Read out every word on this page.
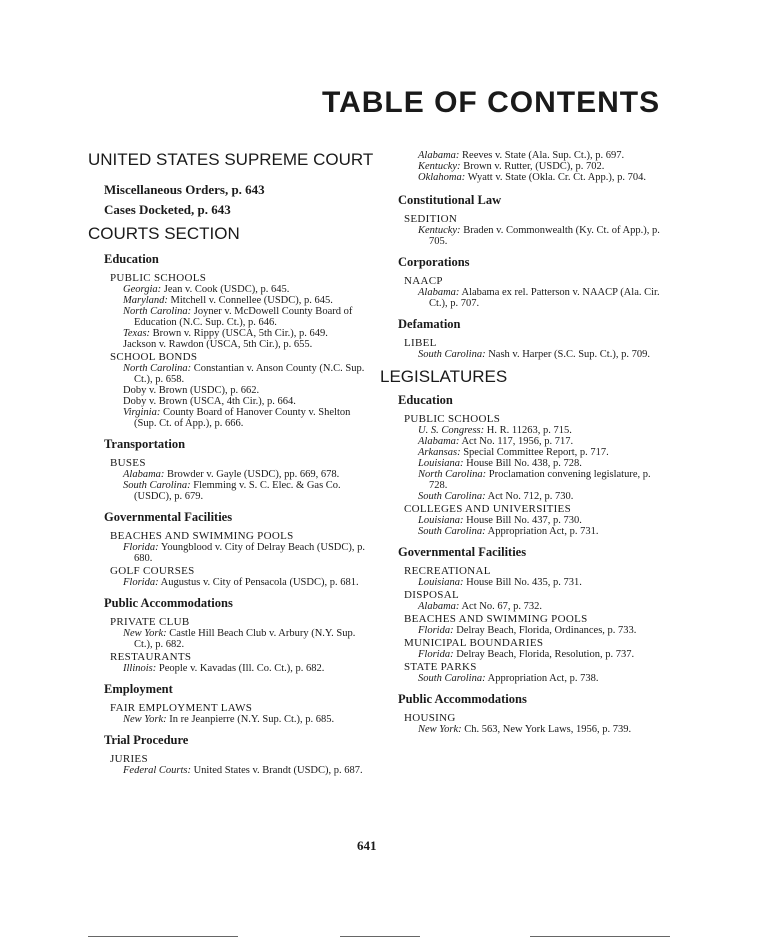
TABLE OF CONTENTS
UNITED STATES SUPREME COURT
Miscellaneous Orders, p. 643
Cases Docketed, p. 643
COURTS SECTION
Education
PUBLIC SCHOOLS
Georgia: Jean v. Cook (USDC), p. 645.
Maryland: Mitchell v. Connellee (USDC), p. 645.
North Carolina: Joyner v. McDowell County Board of Education (N.C. Sup. Ct.), p. 646.
Texas: Brown v. Rippy (USCA, 5th Cir.), p. 649.
Jackson v. Rawdon (USCA, 5th Cir.), p. 655.
SCHOOL BONDS
North Carolina: Constantian v. Anson County (N.C. Sup. Ct.), p. 658.
Doby v. Brown (USDC), p. 662.
Doby v. Brown (USCA, 4th Cir.), p. 664.
Virginia: County Board of Hanover County v. Shelton (Sup. Ct. of App.), p. 666.
Transportation
BUSES
Alabama: Browder v. Gayle (USDC), pp. 669, 678.
South Carolina: Flemming v. S. C. Elec. & Gas Co. (USDC), p. 679.
Governmental Facilities
BEACHES AND SWIMMING POOLS
Florida: Youngblood v. City of Delray Beach (USDC), p. 680.
GOLF COURSES
Florida: Augustus v. City of Pensacola (USDC), p. 681.
Public Accommodations
PRIVATE CLUB
New York: Castle Hill Beach Club v. Arbury (N.Y. Sup. Ct.), p. 682.
RESTAURANTS
Illinois: People v. Kavadas (Ill. Co. Ct.), p. 682.
Employment
FAIR EMPLOYMENT LAWS
New York: In re Jeanpierre (N.Y. Sup. Ct.), p. 685.
Trial Procedure
JURIES
Federal Courts: United States v. Brandt (USDC), p. 687.
Alabama: Reeves v. State (Ala. Sup. Ct.), p. 697.
Kentucky: Brown v. Rutter, (USDC), p. 702.
Oklahoma: Wyatt v. State (Okla. Cr. Ct. App.), p. 704.
Constitutional Law
SEDITION
Kentucky: Braden v. Commonwealth (Ky. Ct. of App.), p. 705.
Corporations
NAACP
Alabama: Alabama ex rel. Patterson v. NAACP (Ala. Cir. Ct.), p. 707.
Defamation
LIBEL
South Carolina: Nash v. Harper (S.C. Sup. Ct.), p. 709.
LEGISLATURES
Education
PUBLIC SCHOOLS
U. S. Congress: H. R. 11263, p. 715.
Alabama: Act No. 117, 1956, p. 717.
Arkansas: Special Committee Report, p. 717.
Louisiana: House Bill No. 438, p. 728.
North Carolina: Proclamation convening legislature, p. 728.
South Carolina: Act No. 712, p. 730.
COLLEGES AND UNIVERSITIES
Louisiana: House Bill No. 437, p. 730.
South Carolina: Appropriation Act, p. 731.
Governmental Facilities
RECREATIONAL
Louisiana: House Bill No. 435, p. 731.
DISPOSAL
Alabama: Act No. 67, p. 732.
BEACHES AND SWIMMING POOLS
Florida: Delray Beach, Florida, Ordinances, p. 733.
MUNICIPAL BOUNDARIES
Florida: Delray Beach, Florida, Resolution, p. 737.
STATE PARKS
South Carolina: Appropriation Act, p. 738.
Public Accommodations
HOUSING
New York: Ch. 563, New York Laws, 1956, p. 739.
641
